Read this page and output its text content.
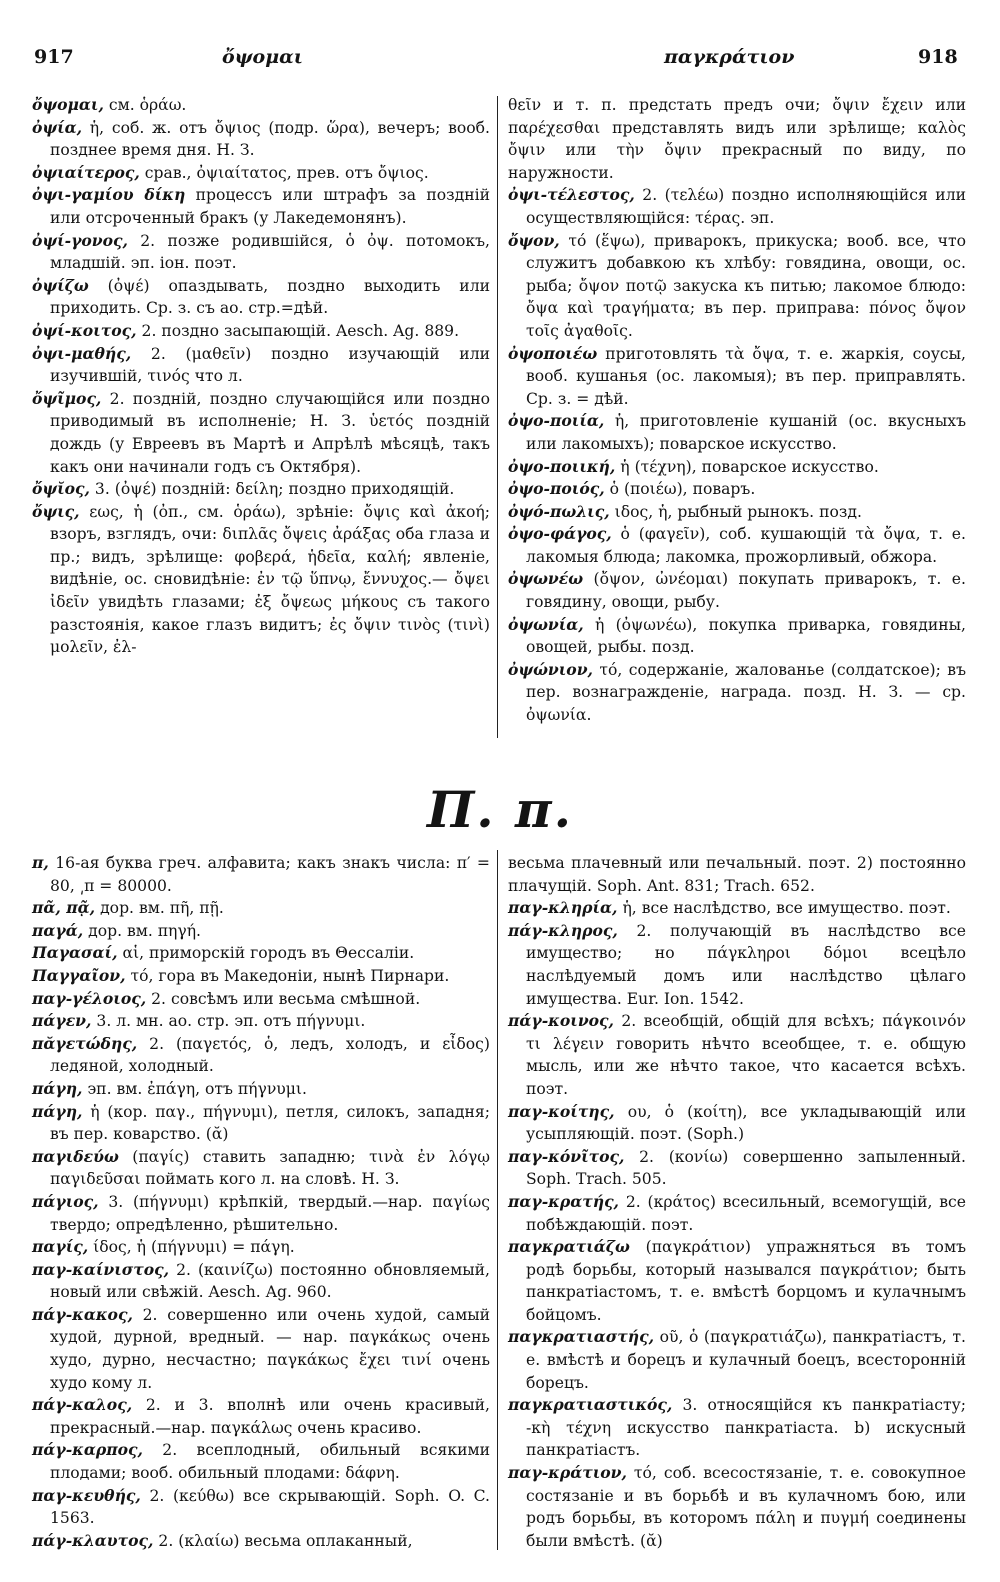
917	ὄψομαι	παγκράτιον	918

ὄψομαι, см. ὁράω.

ὀψία, ἡ, соб. ж. отъ ὄψιος (подр. ὥρα), вечеръ; вооб. позднее время дня. Н. З.

ὀψιαίτερος, срав., ὀψιαίτατος, прев. отъ ὄψιος.

ὀψι-γαμίου δίκη процессъ или штрафъ за поздній или отсроченный бракъ (у Лакедемонянъ).

ὀψί-γονος, 2. позже родившійся, ὁ ὀψ. потомокъ, младшій. эп. іон. поэт.

ὀψίζω (ὀψέ) опаздывать, поздно выходить или приходить. Ср. з. съ ао. стр.=дѣй.

ὀψί-κοιτος, 2. поздно засыпающій. Aesch. Ag. 889.

ὀψι-μαθής, 2. (μαθεῖν) поздно изучающій или изучившій, τινός что л.

ὄψῖμος, 2. поздній, поздно случающійся или поздно приводимый въ исполненіе; Н. З. ὑετός поздній дождь (у Евреевъ въ Мартѣ и Апрѣлѣ мѣсяцѣ, такъ какъ они начинали годъ съ Октября).

ὄψῐος, 3. (ὀψέ) поздній: δείλη; поздно приходящій.

ὄψις, εως, ἡ (ὀπ., см. ὁράω), зрѣніе: ὄψις καὶ ἀκοή; взоръ, взглядъ, очи: διπλᾶς ὄψεις ἀράξας оба глаза и пр.; видъ, зрѣлище: φοβερά, ἡδεῖα, καλή; явленіе, видѣніе, ос. сновидѣніе: ἐν τῷ ὕπνῳ, ἔννυχος.— ὄψει ἰδεῖν увидѣть глазами; ἐξ ὄψεως μήκους съ такого разстоянія, какое глазъ видитъ; ἐς ὄψιν τινὸς (τινὶ) μολεῖν, ἐλ-

θεῖν и т. п. предстать предъ очи; ὄψιν ἔχειν или παρέχεσθαι представлять видъ или зрѣлище; καλὸς ὄψιν или τὴν ὄψιν прекрасный по виду, по наружности.

ὀψι-τέλεστος, 2. (τελέω) поздно исполняющійся или осуществляющійся: τέρας. эп.

ὄψον, τό (ἕψω), приварокъ, прикуска; вооб. все, что служитъ добавкою къ хлѣбу: говядина, овощи, ос. рыба; ὄψον ποτῷ закуска къ питью; лакомое блюдо: ὄψα καὶ τραγήματα; въ пер. приправа: πόνος ὄψον τοῖς ἀγαθοῖς.

ὀψοποιέω приготовлять τὰ ὄψα, т. е. жаркія, соусы, вооб. кушанья (ос. лакомыя); въ пер. приправлять. Ср. з. = дѣй.

ὀψο-ποιία, ἡ, приготовленіе кушаній (ос. вкусныхъ или лакомыхъ); поварское искусство.

ὀψο-ποιική, ἡ (τέχνη), поварское искусство.

ὀψο-ποιός, ὁ (ποιέω), поваръ.

ὀψό-πωλις, ιδος, ἡ, рыбный рынокъ. позд.

ὀψο-φάγος, ὁ (φαγεῖν), соб. кушающій τὰ ὄψα, т. е. лакомыя блюда; лакомка, прожорливый, обжора.

ὀψωνέω (ὄψον, ὠνέομαι) покупать приварокъ, т. е. говядину, овощи, рыбу.

ὀψωνία, ἡ (ὀψωνέω), покупка приварка, говядины, овощей, рыбы. позд.

ὀψώνιον, τό, содержаніе, жалованье (солдатское); въ пер. вознагражденіе, награда. позд. Н. З. — ср. ὀψωνία.

Π. π.

π, 16-ая буква греч. алфавита; какъ знакъ числа: π′ = 80, ͵π = 80000.

πᾶ, πᾷ, дор. вм. πῆ, πῇ.

παγά, дор. вм. πηγή.

Παγασαί, αἱ, приморскій городъ въ Θессаліи.

Παγγαῖον, τό, гора въ Македоніи, нынѣ Пирнари.

παγ-γέλοιος, 2. совсѣмъ или весьма смѣшной.

πάγεν, 3. л. мн. ао. стр. эп. отъ πήγνυμι.

πᾰγετώδης, 2. (παγετός, ὁ, ледъ, холодъ, и εἶδος) ледяной, холодный.

πάγη, эп. вм. ἐπάγη, отъ πήγνυμι.

πάγη, ἡ (кор. παγ., πήγνυμι), петля, силокъ, западня; въ пер. коварство. (ᾰ)

παγιδεύω (παγίς) ставить западню; τινὰ ἐν λόγῳ παγιδεῦσαι поймать кого л. на словѣ. Н. З.

πάγιος, 3. (πήγνυμι) крѣпкій, твердый.—нар. παγίως твердо; опредѣленно, рѣшительно.

παγίς, ίδος, ἡ (πήγνυμι) = πάγη.

παγ-καίνιστος, 2. (καινίζω) постоянно обновляемый, новый или свѣжій. Aesch. Ag. 960.

πάγ-κακος, 2. совершенно или очень худой, самый худой, дурной, вредный. — нар. παγκάκως очень худо, дурно, несчастно; παγκάκως ἔχει τινί очень худо кому л.

πάγ-καλος, 2. и 3. вполнѣ или очень красивый, прекрасный.—нар. παγκάλως очень красиво.

πάγ-καρπος, 2. всеплодный, обильный всякими плодами; вооб. обильный плодами: δάφνη.

παγ-κευθής, 2. (κεύθω) все скрывающій. Soph. O. C. 1563.

πάγ-κλαυτος, 2. (κλαίω) весьма оплаканный,

весьма плачевный или печальный. поэт. 2) постоянно плачущій. Soph. Ant. 831; Trach. 652.

παγ-κληρία, ἡ, все наслѣдство, все имущество. поэт.

πάγ-κληρος, 2. получающій въ наслѣдство все имущество; но πάγκληροι δόμοι всецѣло наслѣдуемый домъ или наслѣдство цѣлаго имущества. Eur. Ion. 1542.

πάγ-κοινος, 2. всеобщій, общій для всѣхъ; πάγκοινόν τι λέγειν говорить нѣчто всеобщее, т. е. общую мысль, или же нѣчто такое, что касается всѣхъ. поэт.

παγ-κοίτης, ου, ὁ (κοίτη), все укладывающій или усыпляющій. поэт. (Soph.)

παγ-κόνῖτος, 2. (κονίω) совершенно запыленный. Soph. Trach. 505.

παγ-κρατής, 2. (κράτος) всесильный, всемогущій, все побѣждающій. поэт.

παγκρατιάζω (παγκράτιον) упражняться въ томъ родѣ борьбы, который назывался παγκράτιον; быть панкратіастомъ, т. е. вмѣстѣ борцомъ и кулачнымъ бойцомъ.

παγκρατιαστής, οῦ, ὁ (παγκρατιάζω), панкратіастъ, т. е. вмѣстѣ и борецъ и кулачный боецъ, всесторонній борецъ.

παγκρατιαστικός, 3. относящійся къ панкратіасту; -κὴ τέχνη искусство панкратіаста. b) искусный панкратіастъ.

παγ-κράτιον, τό, соб. всесостязаніе, т. е. совокупное состязаніе и въ борьбѣ и въ кулачномъ бою, или родъ борьбы, въ которомъ πάλη и πυγμή соединены были вмѣстѣ. (ᾰ)
